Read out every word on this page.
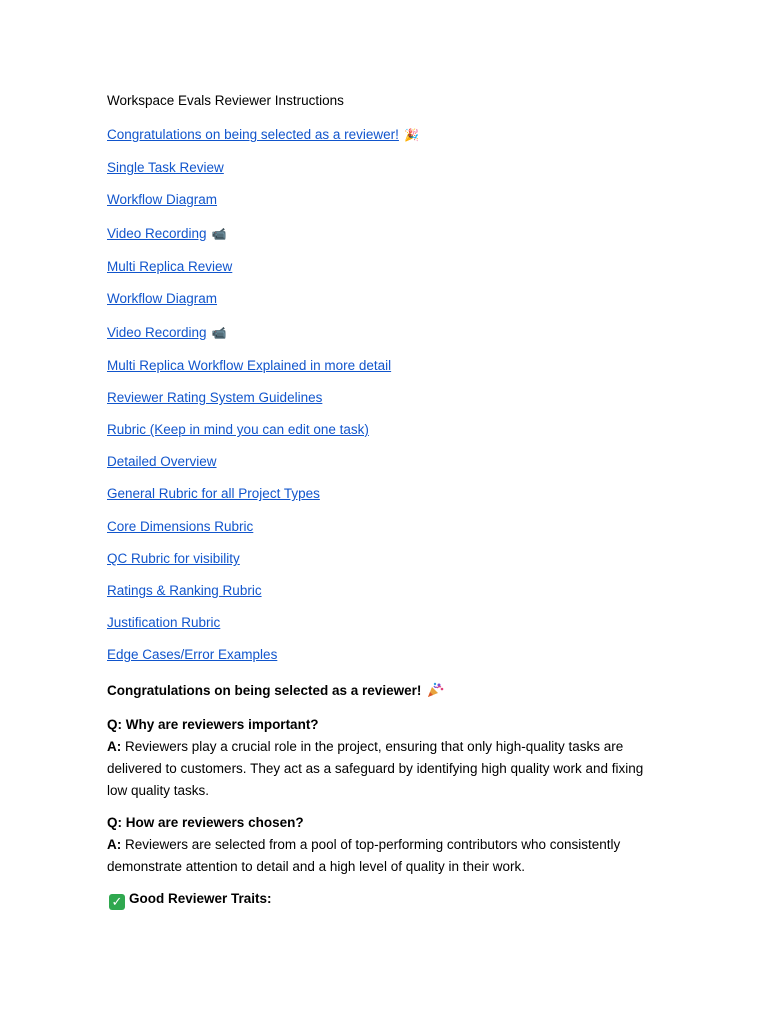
Workspace Evals Reviewer Instructions
Congratulations on being selected as a reviewer! 🎉
Single Task Review
Workflow Diagram
Video Recording 📹
Multi Replica Review
Workflow Diagram
Video Recording 📹
Multi Replica Workflow Explained in more detail
Reviewer Rating System Guidelines
Rubric (Keep in mind you can edit one task)
Detailed Overview
General Rubric for all Project Types
Core Dimensions Rubric
QC Rubric for visibility
Ratings & Ranking Rubric
Justification Rubric
Edge Cases/Error Examples
Congratulations on being selected as a reviewer!
Q: Why are reviewers important?
A: Reviewers play a crucial role in the project, ensuring that only high-quality tasks are delivered to customers. They act as a safeguard by identifying high quality work and fixing low quality tasks.
Q: How are reviewers chosen?
A: Reviewers are selected from a pool of top-performing contributors who consistently demonstrate attention to detail and a high level of quality in their work.
✓ Good Reviewer Traits:
